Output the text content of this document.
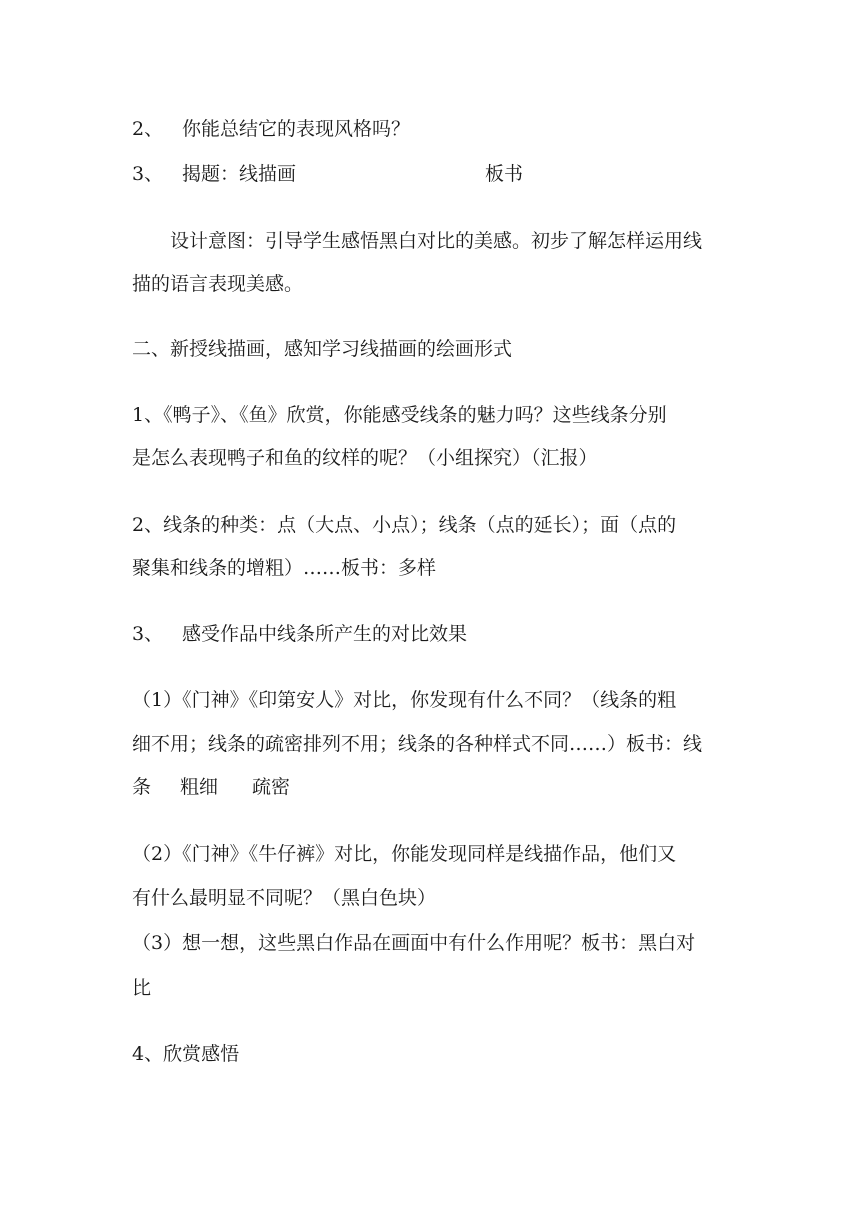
2、 你能总结它的表现风格吗？
3、 揭题：线描画	板书
设计意图：引导学生感悟黑白对比的美感。初步了解怎样运用线
描的语言表现美感。
二、新授线描画，感知学习线描画的绘画形式
1、《鸭子》、《鱼》欣赏，你能感受线条的魅力吗？这些线条分别
是怎么表现鸭子和鱼的纹样的呢？（小组探究）（汇报）
2、线条的种类：点（大点、小点）；线条（点的延长）；面（点的
聚集和线条的增粗）……板书：多样
3、 感受作品中线条所产生的对比效果
（1）《门神》《印第安人》对比，你发现有什么不同？（线条的粗
细不用；线条的疏密排列不用；线条的各种样式不同……）板书：线
条 粗细 疏密
（2）《门神》《牛仔裤》对比，你能发现同样是线描作品，他们又
有什么最明显不同呢？（黑白色块）
（3）想一想，这些黑白作品在画面中有什么作用呢？板书：黑白对
比
4、欣赏感悟
